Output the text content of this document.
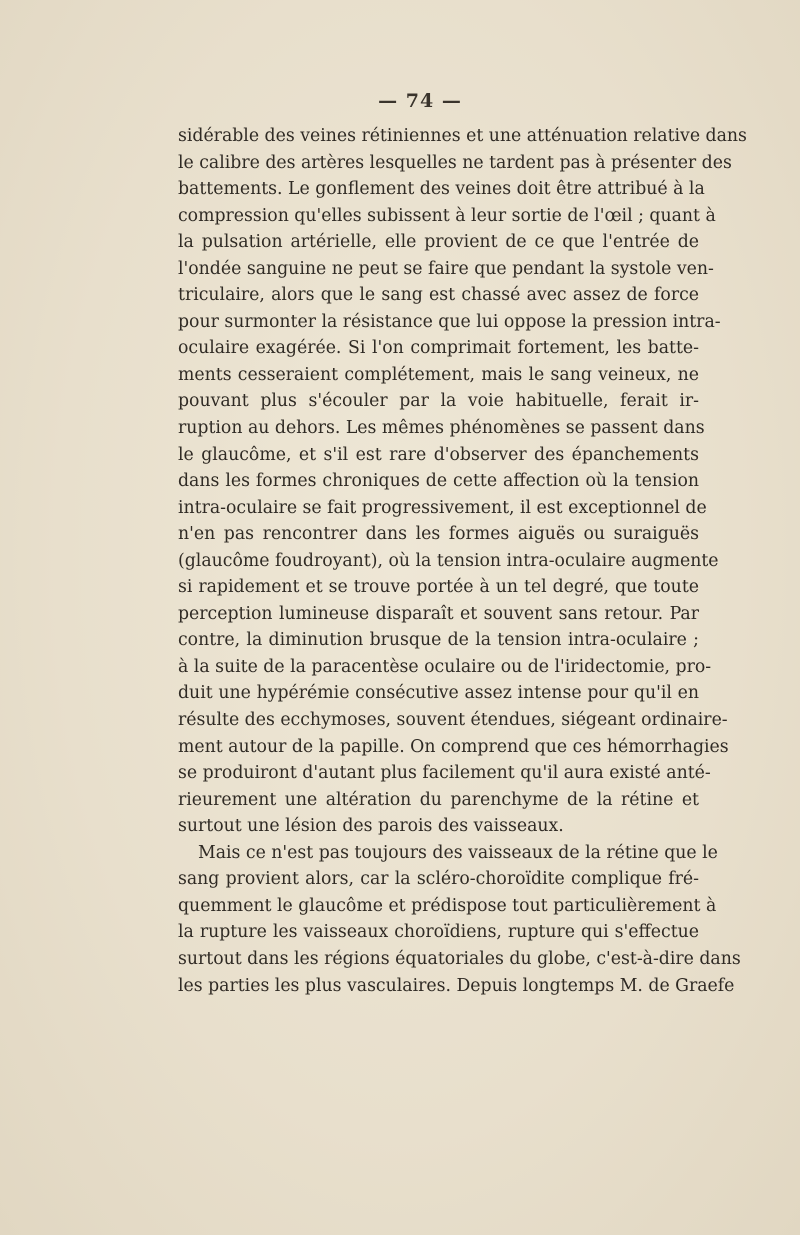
— 74 —
sidérable des veines rétiniennes et une atténuation relative dans
le calibre des artères lesquelles ne tardent pas à présenter des
battements. Le gonflement des veines doit être attribué à la
compression qu'elles subissent à leur sortie de l'œil ; quant à
la pulsation artérielle, elle provient de ce que l'entrée de
l'ondée sanguine ne peut se faire que pendant la systole ven-
triculaire, alors que le sang est chassé avec assez de force
pour surmonter la résistance que lui oppose la pression intra-
oculaire exagérée. Si l'on comprimait fortement, les batte-
ments cesseraient complétement, mais le sang veineux, ne
pouvant plus s'écouler par la voie habituelle, ferait ir-
ruption au dehors. Les mêmes phénomènes se passent dans
le glaucôme, et s'il est rare d'observer des épanchements
dans les formes chroniques de cette affection où la tension
intra-oculaire se fait progressivement, il est exceptionnel de
n'en pas rencontrer dans les formes aiguës ou suraiguës
(glaucôme foudroyant), où la tension intra-oculaire augmente
si rapidement et se trouve portée à un tel degré, que toute
perception lumineuse disparaît et souvent sans retour. Par
contre, la diminution brusque de la tension intra-oculaire ;
à la suite de la paracentèse oculaire ou de l'iridectomie, pro-
duit une hypérémie consécutive assez intense pour qu'il en
résulte des ecchymoses, souvent étendues, siégeant ordinaire-
ment autour de la papille. On comprend que ces hémorrhagies
se produiront d'autant plus facilement qu'il aura existé anté-
rieurement une altération du parenchyme de la rétine et
surtout une lésion des parois des vaisseaux.
Mais ce n'est pas toujours des vaisseaux de la rétine que le
sang provient alors, car la scléro-choroïdite complique fré-
quemment le glaucôme et prédispose tout particulièrement à
la rupture les vaisseaux choroïdiens, rupture qui s'effectue
surtout dans les régions équatoriales du globe, c'est-à-dire dans
les parties les plus vasculaires. Depuis longtemps M. de Graefe
